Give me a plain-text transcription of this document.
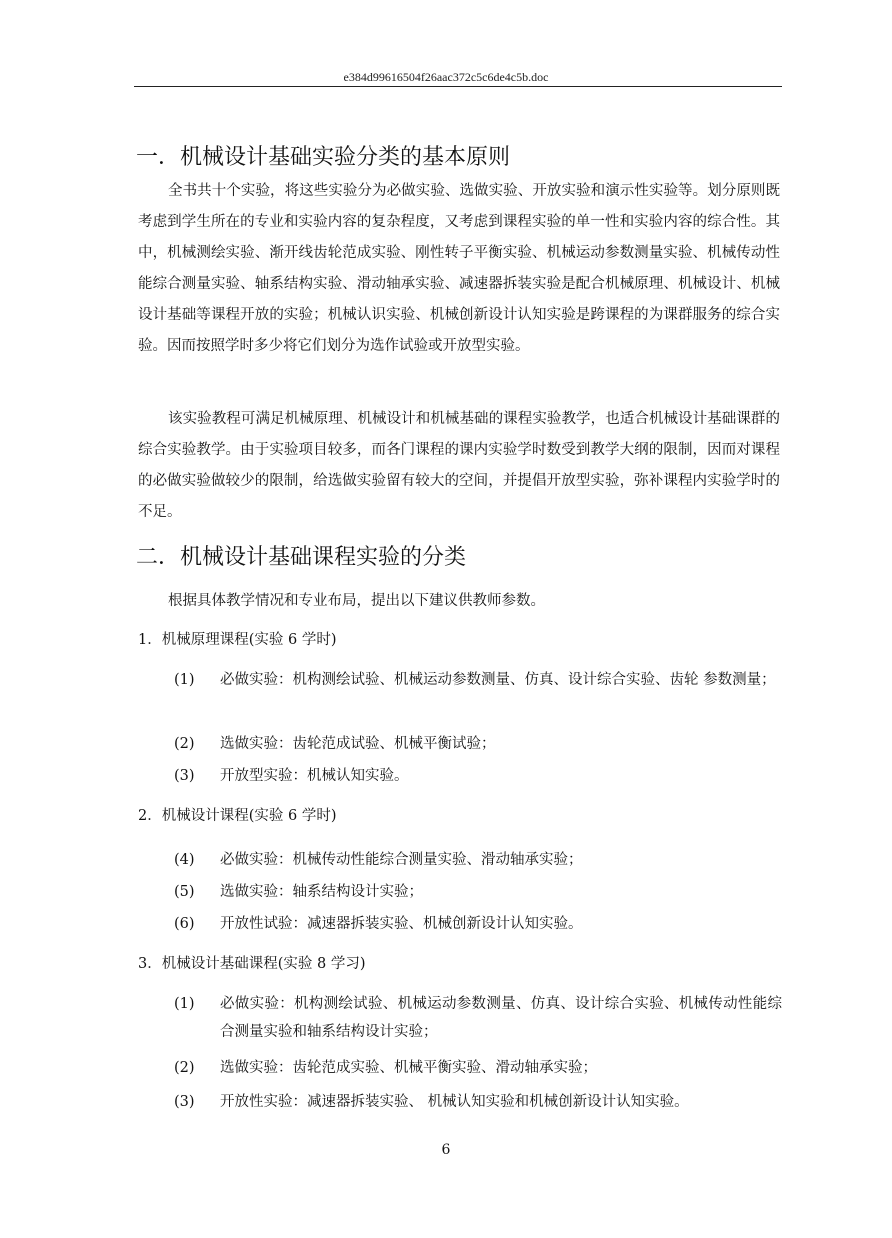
e384d99616504f26aac372c5c6de4c5b.doc
一．机械设计基础实验分类的基本原则
全书共十个实验，将这些实验分为必做实验、选做实验、开放实验和演示性实验等。划分原则既考虑到学生所在的专业和实验内容的复杂程度，又考虑到课程实验的单一性和实验内容的综合性。其中，机械测绘实验、渐开线齿轮范成实验、刚性转子平衡实验、机械运动参数测量实验、机械传动性能综合测量实验、轴系结构实验、滑动轴承实验、减速器拆装实验是配合机械原理、机械设计、机械设计基础等课程开放的实验；机械认识实验、机械创新设计认知实验是跨课程的为课群服务的综合实验。因而按照学时多少将它们划分为选作试验或开放型实验。
该实验教程可满足机械原理、机械设计和机械基础的课程实验教学，也适合机械设计基础课群的综合实验教学。由于实验项目较多，而各门课程的课内实验学时数受到教学大纲的限制，因而对课程的必做实验做较少的限制，给选做实验留有较大的空间，并提倡开放型实验，弥补课程内实验学时的不足。
二．机械设计基础课程实验的分类
根据具体教学情况和专业布局，提出以下建议供教师参数。
1．机械原理课程(实验 6 学时)
(1)	必做实验：机构测绘试验、机械运动参数测量、仿真、设计综合实验、齿轮 参数测量；
(2)	选做实验：齿轮范成试验、机械平衡试验；
(3)	开放型实验：机械认知实验。
2．机械设计课程(实验 6 学时)
(4)	必做实验：机械传动性能综合测量实验、滑动轴承实验；
(5)	选做实验：轴系结构设计实验；
(6)	开放性试验：减速器拆装实验、机械创新设计认知实验。
3．机械设计基础课程(实验 8 学习)
(1)	必做实验：机构测绘试验、机械运动参数测量、仿真、设计综合实验、机械传动性能综合测量实验和轴系结构设计实验；
(2)	选做实验：齿轮范成实验、机械平衡实验、滑动轴承实验；
(3)	开放性实验：减速器拆装实验、 机械认知实验和机械创新设计认知实验。
6
